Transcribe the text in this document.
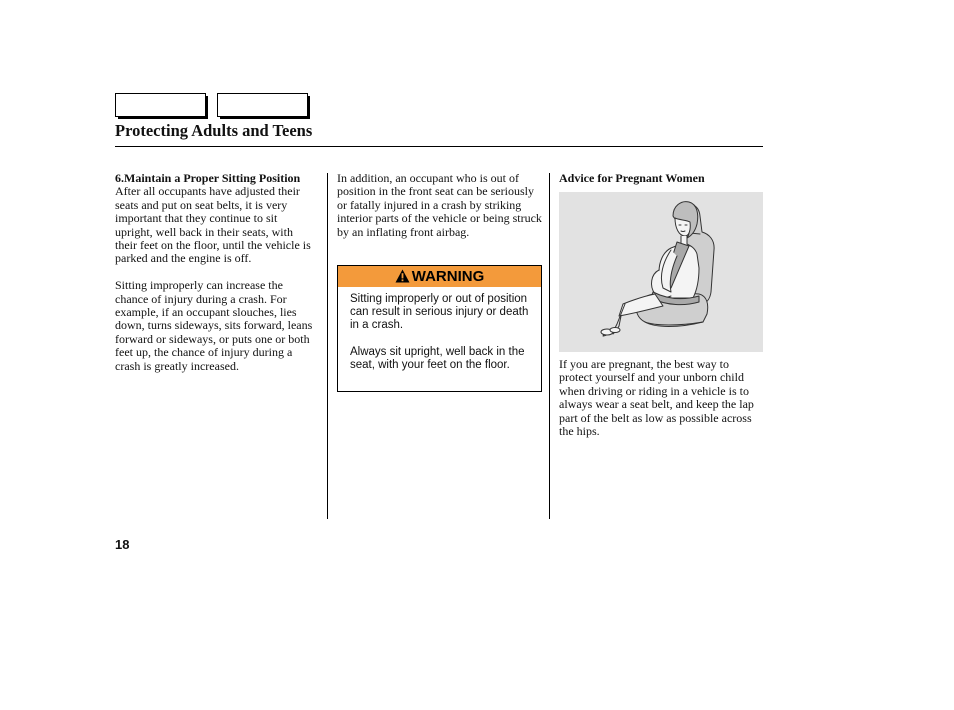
Protecting Adults and Teens

6.Maintain a Proper Sitting Position

After all occupants have adjusted their seats and put on seat belts, it is very important that they continue to sit upright, well back in their seats, with their feet on the floor, until the vehicle is parked and the engine is off.

Sitting improperly can increase the chance of injury during a crash. For example, if an occupant slouches, lies down, turns sideways, sits forward, leans forward or sideways, or puts one or both feet up, the chance of injury during a crash is greatly increased.

In addition, an occupant who is out of position in the front seat can be seriously or fatally injured in a crash by striking interior parts of the vehicle or being struck by an inflating front airbag.

WARNING

Sitting improperly or out of position can result in serious injury or death in a crash.

Always sit upright, well back in the seat, with your feet on the floor.

Advice for Pregnant Women

If you are pregnant, the best way to protect yourself and your unborn child when driving or riding in a vehicle is to always wear a seat belt, and keep the lap part of the belt as low as possible across the hips.

18
